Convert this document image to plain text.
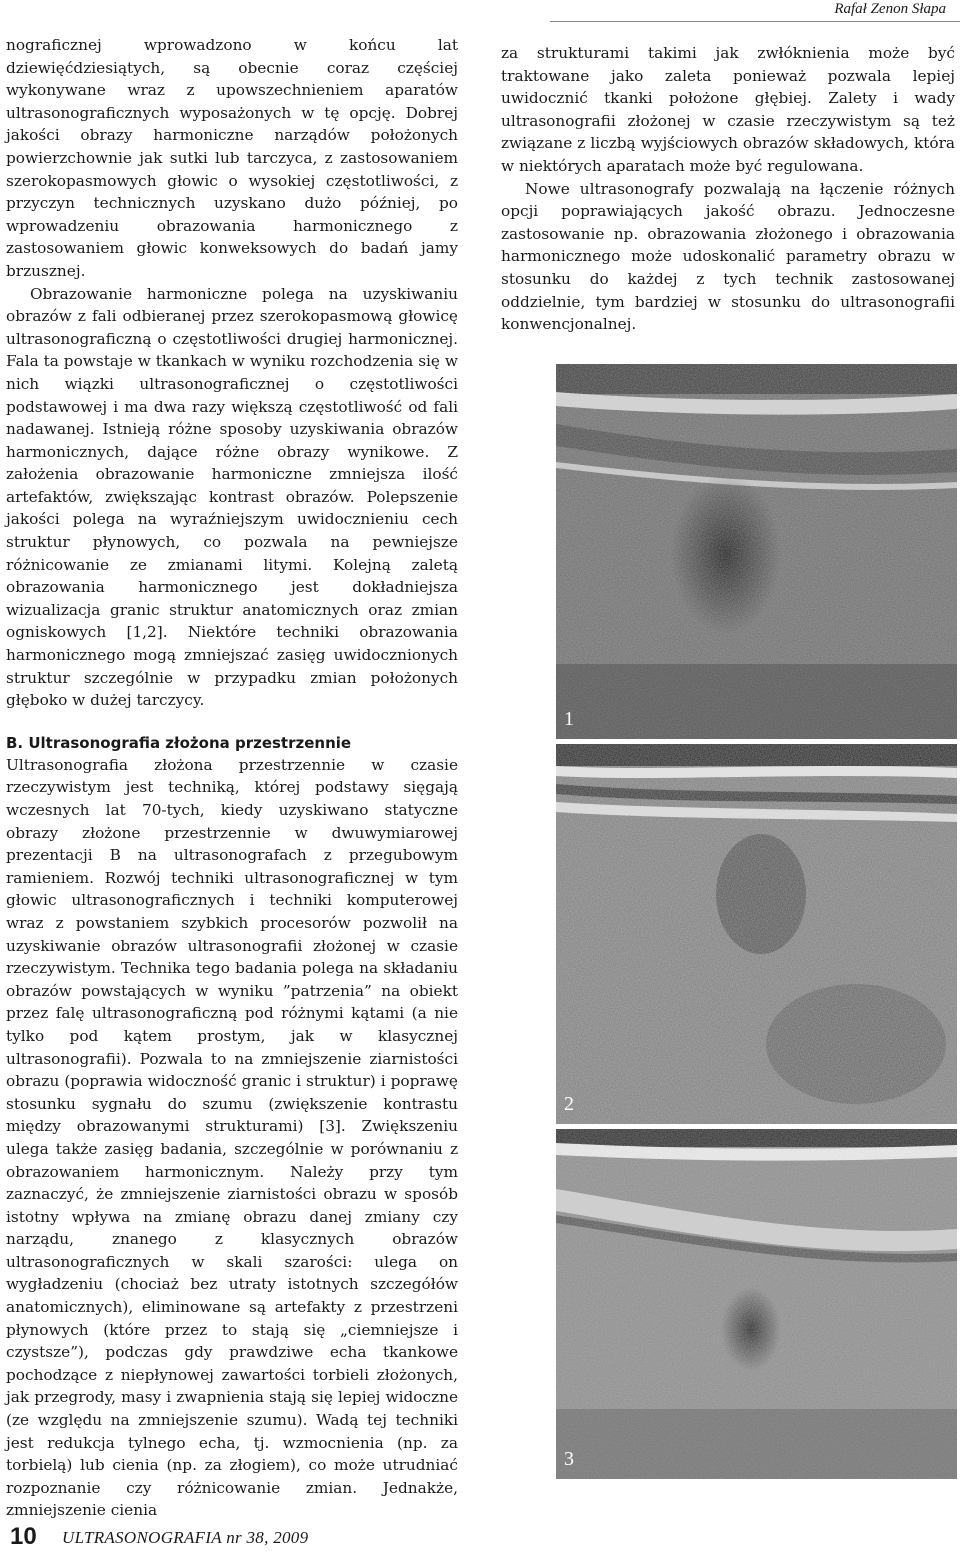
Rafał Zenon Słapa

nograficznej wprowadzono w końcu lat dziewięćdziesiątych, są obecnie coraz częściej wykonywane wraz z upowszechnieniem aparatów ultrasonograficznych wyposażonych w tę opcję. Dobrej jakości obrazy harmoniczne narządów położonych powierzchownie jak sutki lub tarczyca, z zastosowaniem szerokopasmowych głowic o wysokiej częstotliwości, z przyczyn technicznych uzyskano dużo później, po wprowadzeniu obrazowania harmonicznego z zastosowaniem głowic konweksowych do badań jamy brzusznej.

Obrazowanie harmoniczne polega na uzyskiwaniu obrazów z fali odbieranej przez szerokopasmową głowicę ultrasonograficzną o częstotliwości drugiej harmonicznej. Fala ta powstaje w tkankach w wyniku rozchodzenia się w nich wiązki ultrasonograficznej o częstotliwości podstawowej i ma dwa razy większą częstotliwość od fali nadawanej. Istnieją różne sposoby uzyskiwania obrazów harmonicznych, dające różne obrazy wynikowe. Z założenia obrazowanie harmoniczne zmniejsza ilość artefaktów, zwiększając kontrast obrazów. Polepszenie jakości polega na wyraźniejszym uwidocznieniu cech struktur płynowych, co pozwala na pewniejsze różnicowanie ze zmianami litymi. Kolejną zaletą obrazowania harmonicznego jest dokładniejsza wizualizacja granic struktur anatomicznych oraz zmian ogniskowych [1,2]. Niektóre techniki obrazowania harmonicznego mogą zmniejszać zasięg uwidocznionych struktur szczególnie w przypadku zmian położonych głęboko w dużej tarczycy.

B. Ultrasonografia złożona przestrzennie

Ultrasonografia złożona przestrzennie w czasie rzeczywistym jest techniką, której podstawy sięgają wczesnych lat 70-tych, kiedy uzyskiwano statyczne obrazy złożone przestrzennie w dwuwymiarowej prezentacji B na ultrasonografach z przegubowym ramieniem. Rozwój techniki ultrasonograficznej w tym głowic ultrasonograficznych i techniki komputerowej wraz z powstaniem szybkich procesorów pozwolił na uzyskiwanie obrazów ultrasonografii złożonej w czasie rzeczywistym. Technika tego badania polega na składaniu obrazów powstających w wyniku ”patrzenia” na obiekt przez falę ultrasonograficzną pod różnymi kątami (a nie tylko pod kątem prostym, jak w klasycznej ultrasonografii). Pozwala to na zmniejszenie ziarnistości obrazu (poprawia widoczność granic i struktur) i poprawę stosunku sygnału do szumu (zwiększenie kontrastu między obrazowanymi strukturami) [3]. Zwiększeniu ulega także zasięg badania, szczególnie w porównaniu z obrazowaniem harmonicznym. Należy przy tym zaznaczyć, że zmniejszenie ziarnistości obrazu w sposób istotny wpływa na zmianę obrazu danej zmiany czy narządu, znanego z klasycznych obrazów ultrasonograficznych w skali szarości: ulega on wygładzeniu (chociaż bez utraty istotnych szczegółów anatomicznych), eliminowane są artefakty z przestrzeni płynowych (które przez to stają się „ciemniejsze i czystsze”), podczas gdy prawdziwe echa tkankowe pochodzące z niepłynowej zawartości torbieli złożonych, jak przegrody, masy i zwapnienia stają się lepiej widoczne (ze względu na zmniejszenie szumu). Wadą tej techniki jest redukcja tylnego echa, tj. wzmocnienia (np. za torbielą) lub cienia (np. za złogiem), co może utrudniać rozpoznanie czy różnicowanie zmian. Jednakże, zmniejszenie cienia

za strukturami takimi jak zwłóknienia może być traktowane jako zaleta ponieważ pozwala lepiej uwidocznić tkanki położone głębiej. Zalety i wady ultrasonografii złożonej w czasie rzeczywistym są też związane z liczbą wyjściowych obrazów składowych, która w niektórych aparatach może być regulowana.

Nowe ultrasonografy pozwalają na łączenie różnych opcji poprawiających jakość obrazu. Jednoczesne zastosowanie np. obrazowania złożonego i obrazowania harmonicznego może udoskonalić parametry obrazu w stosunku do każdej z tych technik zastosowanej oddzielnie, tym bardziej w stosunku do ultrasonografii konwencjonalnej.

1
2
3
10 ULTRASONOGRAFIA nr 38, 2009
